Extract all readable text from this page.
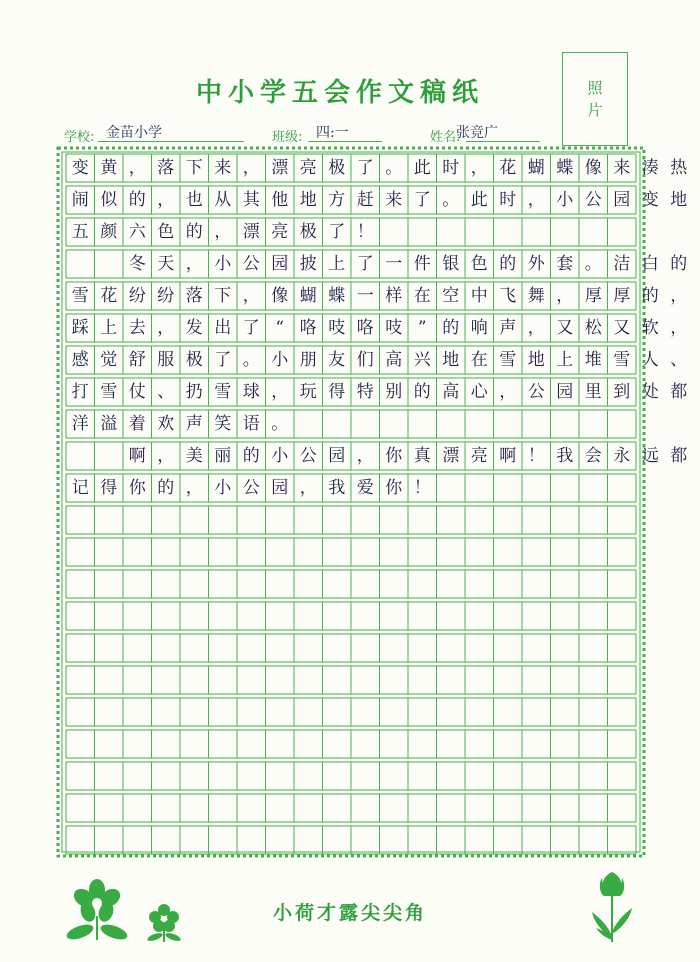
中小学五会作文稿纸	照
片
学校: 金苗小学	班级: 四:一	姓名:
张竞广
变 黄 ， 落 下 来 ， 漂 亮 极 了 。 此 时 ， 花 蝴 蝶 像 来 凑 热
闹 似 的 ， 也 从 其 他 地 方 赶 来 了 。 此 时 ， 小 公 园 变 地
五 颜 六 色 的 ， 漂 亮 极 了 ！
　　冬 天 ， 小 公 园 披 上 了 一 件 银 色 的 外 套 。 洁 白 的
雪 花 纷 纷 落 下 ， 像 蝴 蝶 一 样 在 空 中 飞 舞 ， 厚 厚 的 ，
踩 上 去 ， 发 出 了 “ 咯 吱 咯 吱 ” 的 响 声 ， 又 松 又 软 ，
感 觉 舒 服 极 了 。 小 朋 友 们 高 兴 地 在 雪 地 上 堆 雪 人 、
打 雪 仗 、 扔 雪 球 ， 玩 得 特 别 的 高 心 ， 公 园 里 到 处 都
洋 溢 着 欢 声 笑 语 。
　　啊 ， 美 丽 的 小 公 园 ， 你 真 漂 亮 啊 ！ 我 会 永 远 都
记 得 你 的 ， 小 公 园 ， 我 爱 你 ！
小荷才露尖尖角
